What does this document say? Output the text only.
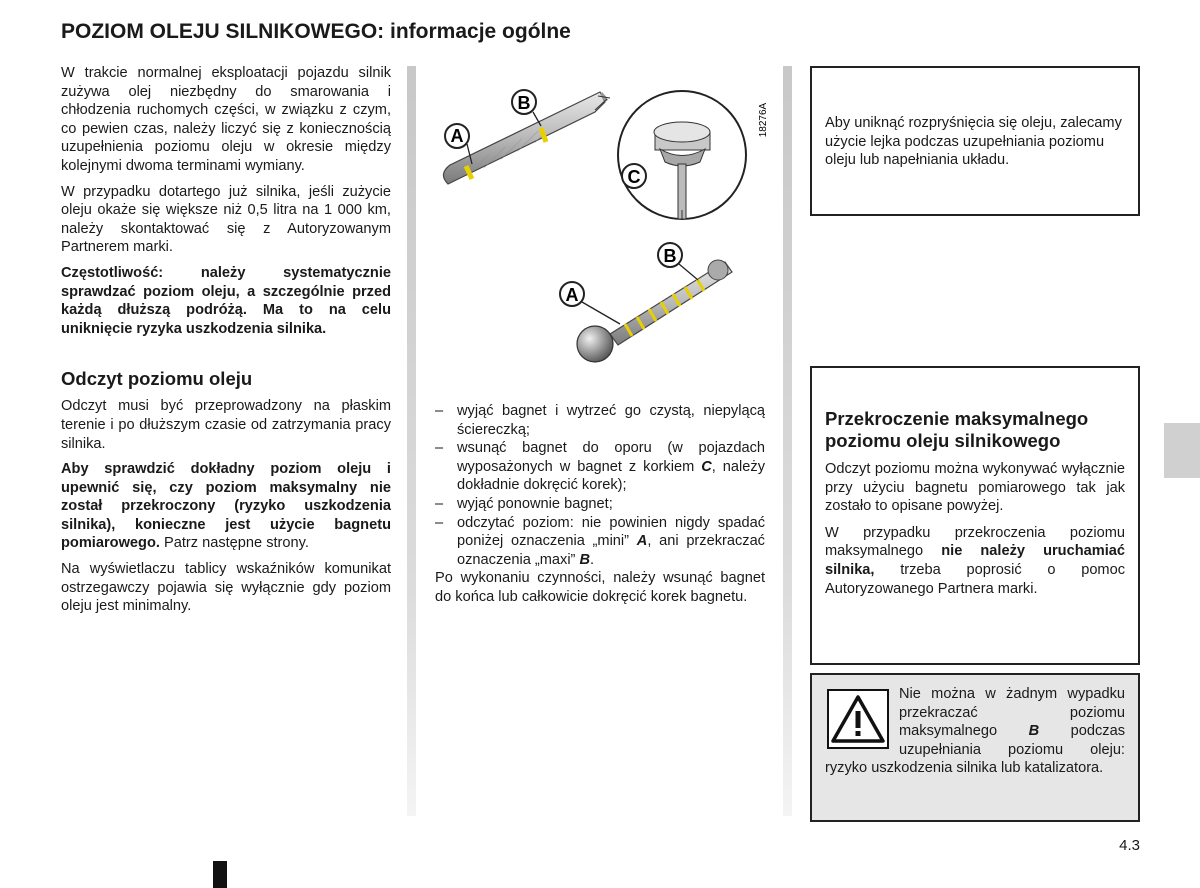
POZIOM OLEJU SILNIKOWEGO: informacje ogólne

W trakcie normalnej eksploatacji pojazdu silnik zużywa olej niezbędny do smarowania i chłodzenia ruchomych części, w związku z czym, co pewien czas, należy liczyć się z koniecznością uzupełnienia poziomu oleju w okresie między kolejnymi dwoma terminami wymiany.

W przypadku dotartego już silnika, jeśli zużycie oleju okaże się większe niż 0,5 litra na 1 000 km, należy skontaktować się z Autoryzowanym Partnerem marki.

Częstotliwość: należy systematycznie sprawdzać poziom oleju, a szczególnie przed każdą dłuższą podróżą. Ma to na celu uniknięcie ryzyka uszkodzenia silnika.

Odczyt poziomu oleju

Odczyt musi być przeprowadzony na płaskim terenie i po dłuższym czasie od zatrzymania pracy silnika.

Aby sprawdzić dokładny poziom oleju i upewnić się, czy poziom maksymalny nie został przekroczony (ryzyko uszkodzenia silnika), konieczne jest użycie bagnetu pomiarowego. Patrz następne strony.

Na wyświetlaczu tablicy wskaźników komunikat ostrzegawczy pojawia się wyłącznie gdy poziom oleju jest minimalny.

A
B
C
18276A
A
B
– wyjąć bagnet i wytrzeć go czystą, niepylącą ściereczką;
– wsunąć bagnet do oporu (w pojazdach wyposażonych w bagnet z korkiem C, należy dokładnie dokręcić korek);
– wyjąć ponownie bagnet;
– odczytać poziom: nie powinien nigdy spadać poniżej oznaczenia „mini” A, ani przekraczać oznaczenia „maxi” B.

Po wykonaniu czynności, należy wsunąć bagnet do końca lub całkowicie dokręcić korek bagnetu.

Aby uniknąć rozpryśnięcia się oleju, zalecamy użycie lejka podczas uzupełniania poziomu oleju lub napełniania układu.

Przekroczenie maksymalnego poziomu oleju silnikowego

Odczyt poziomu można wykonywać wyłącznie przy użyciu bagnetu pomiarowego tak jak zostało to opisane powyżej.

W przypadku przekroczenia poziomu maksymalnego nie należy uruchamiać silnika, trzeba poprosić o pomoc Autoryzowanego Partnera marki.

Nie można w żadnym wypadku przekraczać poziomu maksymalnego B podczas uzupełniania poziomu oleju: ryzyko uszkodzenia silnika lub katalizatora.

4.3
